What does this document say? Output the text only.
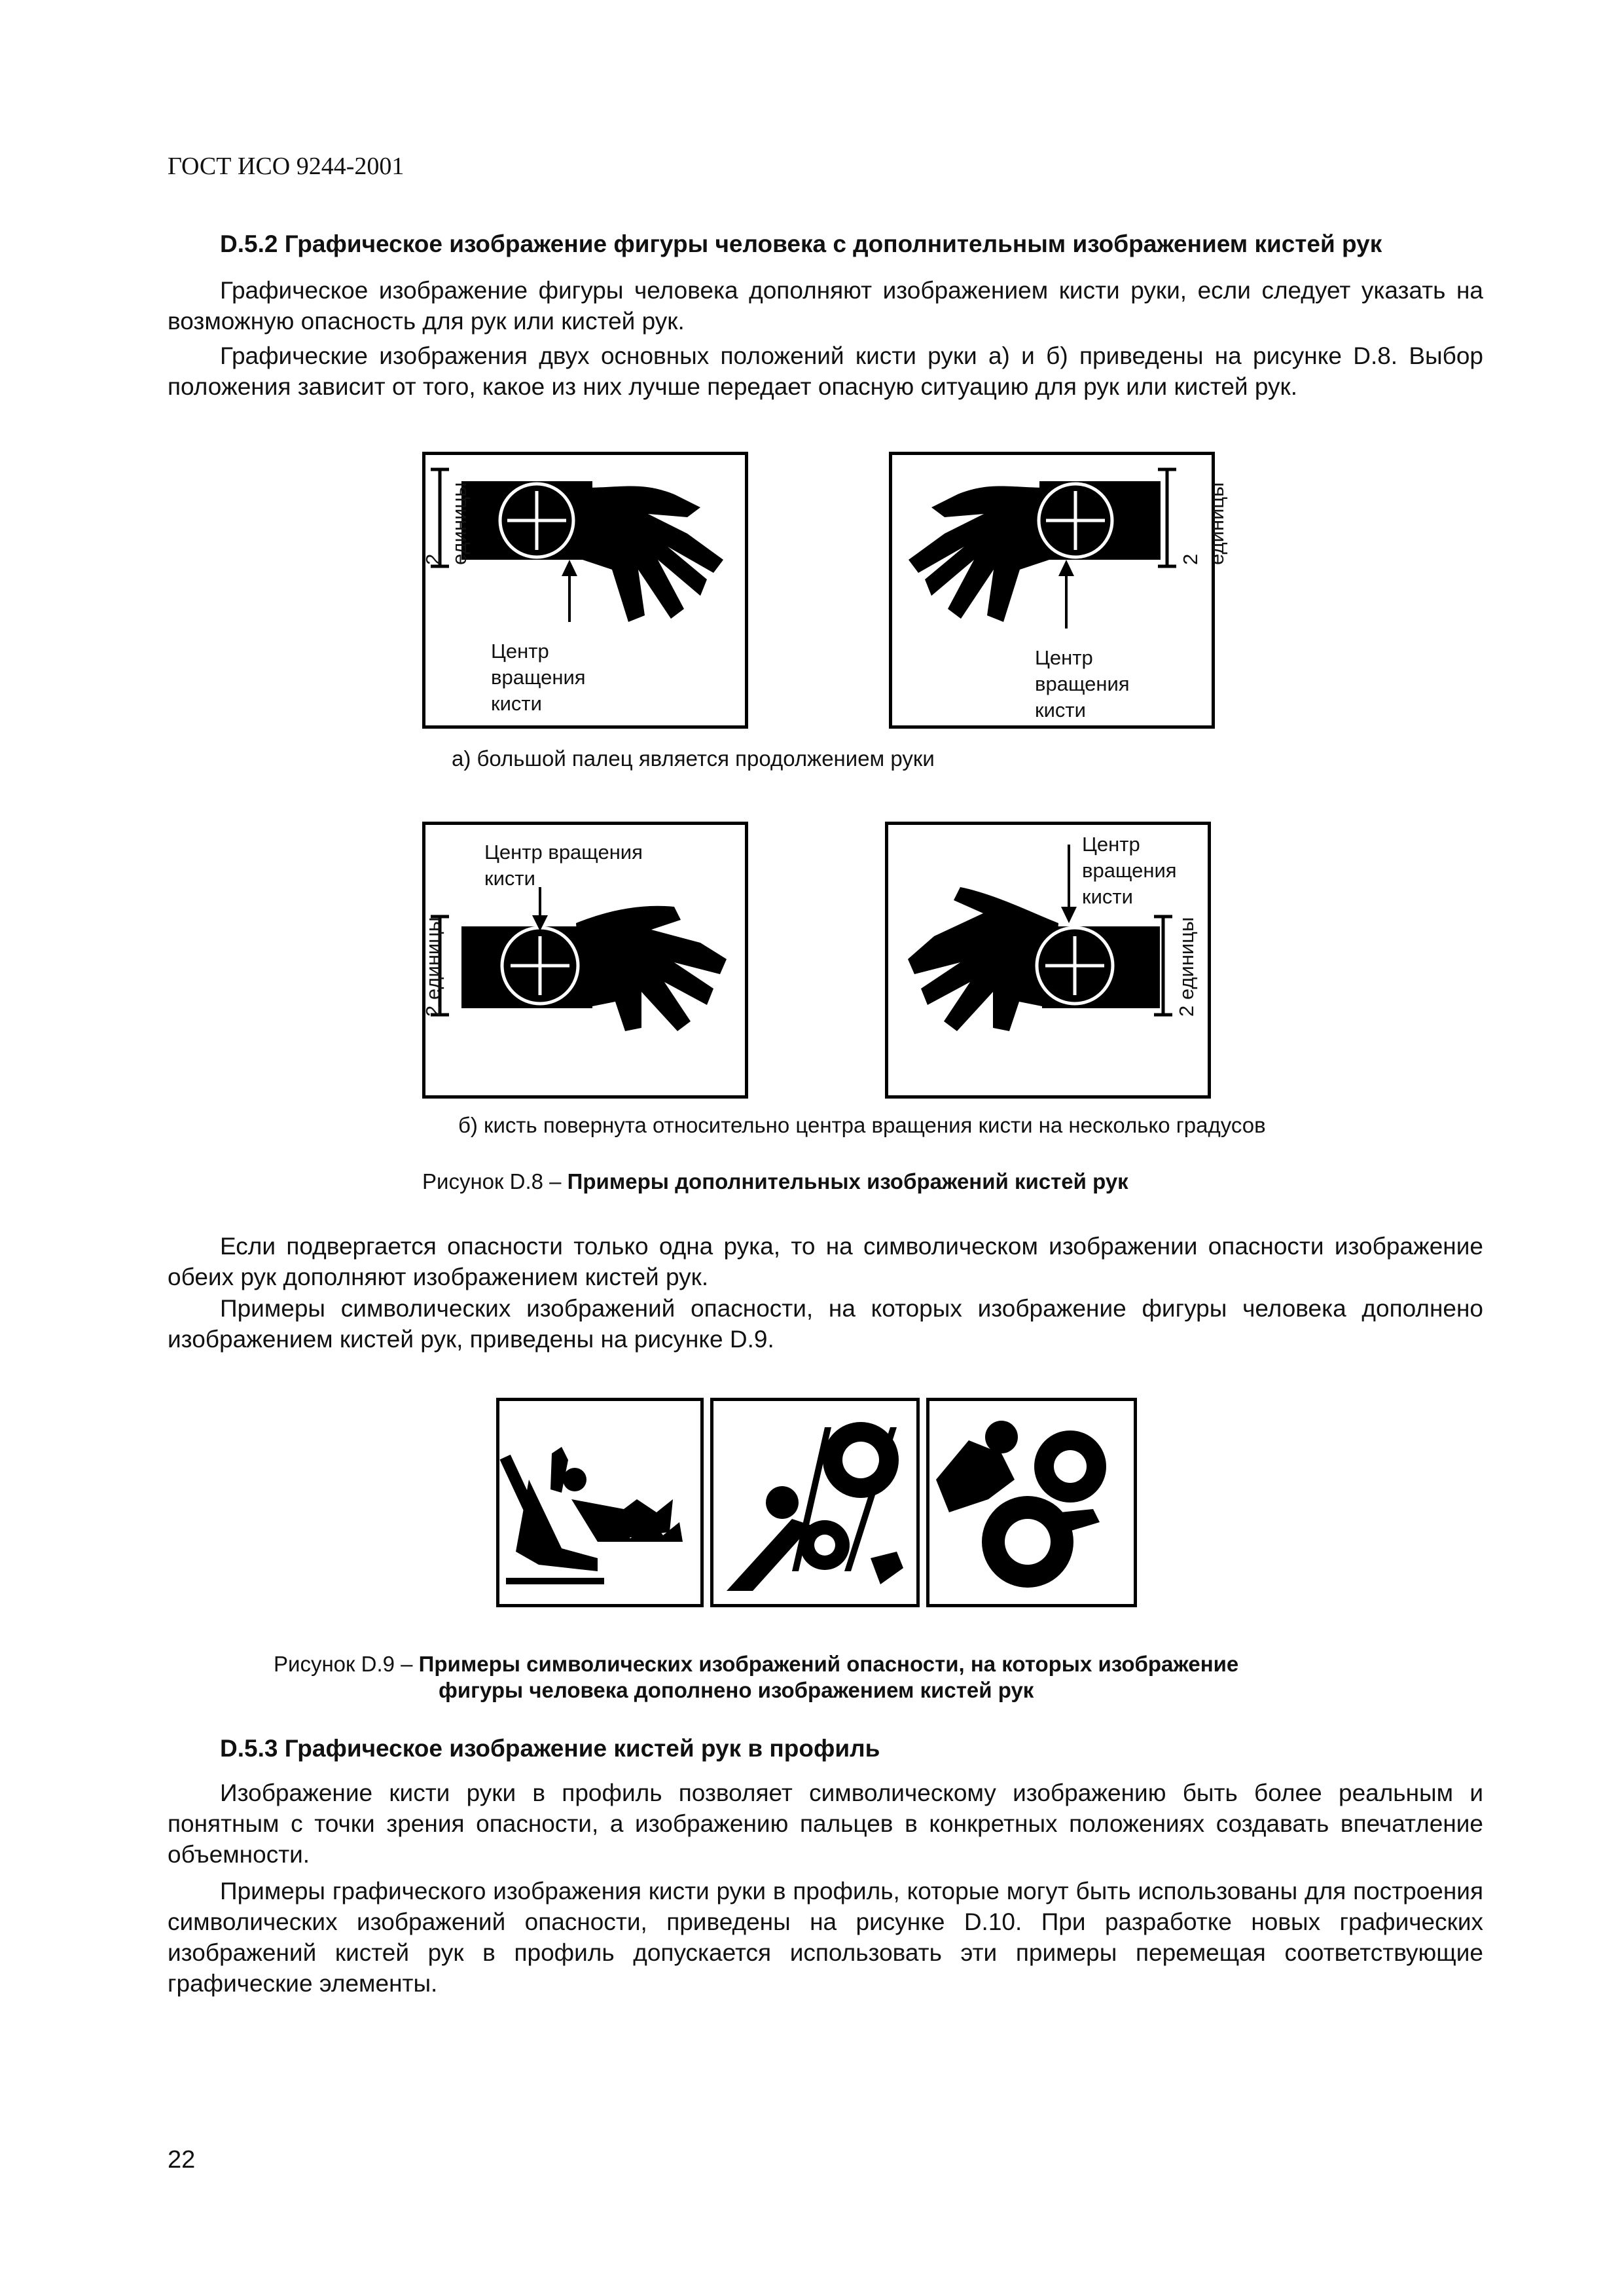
ГОСТ ИСО 9244-2001
D.5.2 Графическое изображение фигуры человека с дополнительным изображением кистей рук
Графическое изображение фигуры человека дополняют изображением кисти руки, если следует указать на возможную опасность для рук или кистей рук.
Графические изображения двух основных положений кисти руки а) и б) приведены на рисунке D.8. Выбор положения зависит от того, какое из них лучше передает опасную ситуацию для рук или кистей рук.
2 единицы
Центр
вращения
кисти
2 единицы
Центр
вращения
кисти
а) большой палец является продолжением руки
2 единицы
Центр вращения
кисти
2 единицы
Центр
вращения
кисти
б) кисть повернута относительно центра вращения кисти на несколько градусов
Рисунок D.8 – Примеры дополнительных изображений кистей рук
Если подвергается опасности только одна рука, то на символическом изображении опасности изображение обеих рук дополняют изображением кистей рук.
Примеры символических изображений опасности, на которых изображение фигуры человека дополнено изображением кистей рук, приведены на рисунке D.9.
Рисунок D.9 – Примеры символических изображений опасности, на которых изображение
фигуры человека дополнено изображением кистей рук
D.5.3 Графическое изображение кистей рук в профиль
Изображение кисти руки в профиль позволяет символическому изображению быть более реальным и понятным с точки зрения опасности, а изображению пальцев в конкретных положениях создавать впечатление объемности.
Примеры графического изображения кисти руки в профиль, которые могут быть использованы для построения символических изображений опасности, приведены на рисунке D.10. При разработке новых графических изображений кистей рук в профиль допускается использовать эти примеры перемещая соответствующие графические элементы.
22
